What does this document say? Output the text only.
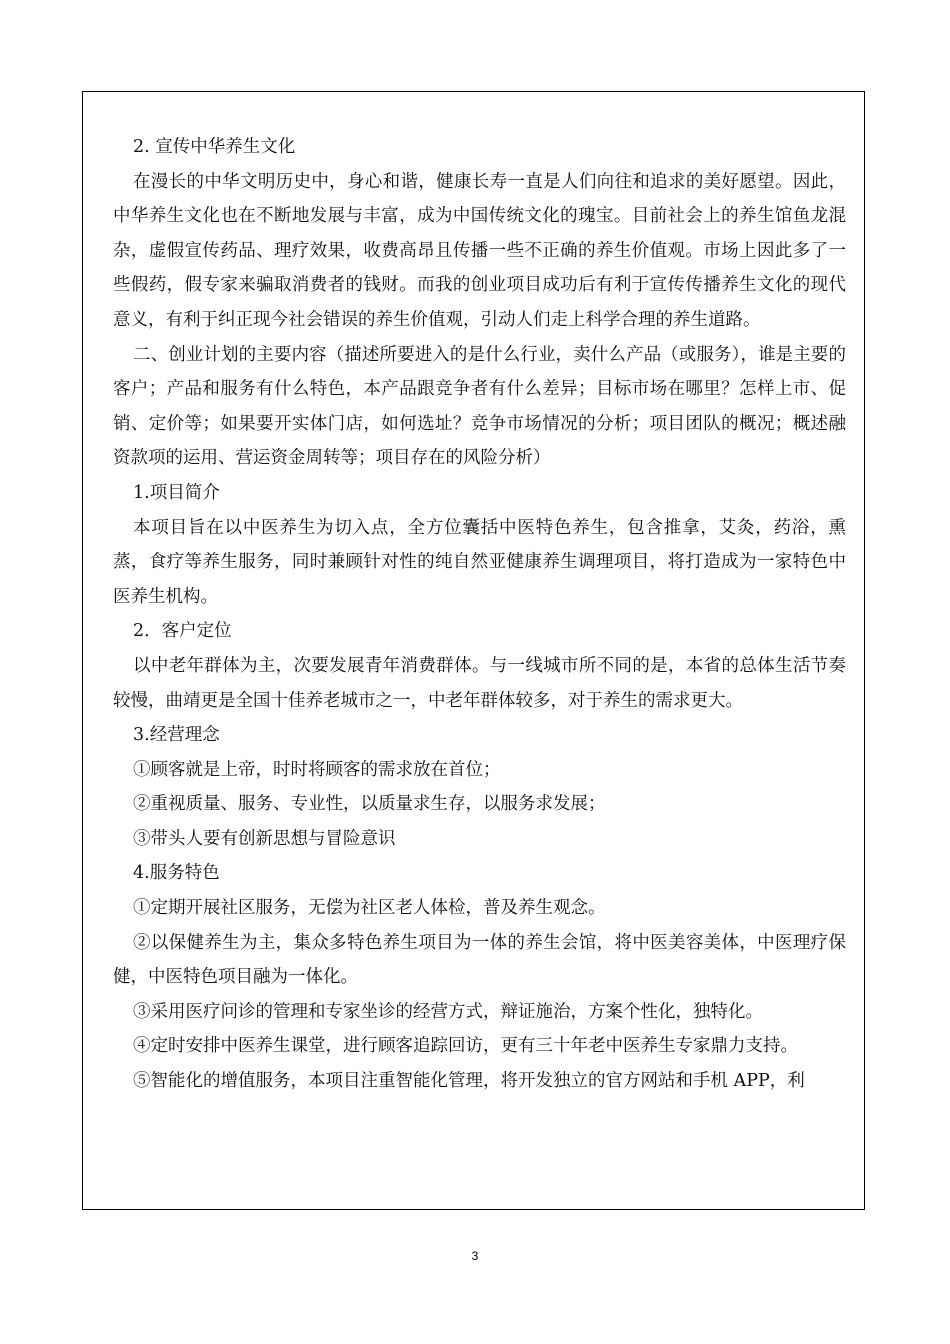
2. 宣传中华养生文化

在漫长的中华文明历史中，身心和谐，健康长寿一直是人们向往和追求的美好愿望。因此，中华养生文化也在不断地发展与丰富，成为中国传统文化的瑰宝。目前社会上的养生馆鱼龙混杂，虚假宣传药品、理疗效果，收费高昂且传播一些不正确的养生价值观。市场上因此多了一些假药，假专家来骗取消费者的钱财。而我的创业项目成功后有利于宣传传播养生文化的现代意义，有利于纠正现今社会错误的养生价值观，引动人们走上科学合理的养生道路。

二、创业计划的主要内容（描述所要进入的是什么行业，卖什么产品（或服务），谁是主要的客户；产品和服务有什么特色，本产品跟竞争者有什么差异；目标市场在哪里？怎样上市、促销、定价等；如果要开实体门店，如何选址？竞争市场情况的分析；项目团队的概况；概述融资款项的运用、营运资金周转等；项目存在的风险分析）

1.项目简介

本项目旨在以中医养生为切入点，全方位囊括中医特色养生，包含推拿，艾灸，药浴，熏蒸，食疗等养生服务，同时兼顾针对性的纯自然亚健康养生调理项目，将打造成为一家特色中医养生机构。

2．客户定位

以中老年群体为主，次要发展青年消费群体。与一线城市所不同的是，本省的总体生活节奏较慢，曲靖更是全国十佳养老城市之一，中老年群体较多，对于养生的需求更大。

3.经营理念

①顾客就是上帝，时时将顾客的需求放在首位；

②重视质量、服务、专业性，以质量求生存，以服务求发展；

③带头人要有创新思想与冒险意识

4.服务特色

①定期开展社区服务，无偿为社区老人体检，普及养生观念。

②以保健养生为主，集众多特色养生项目为一体的养生会馆，将中医美容美体，中医理疗保健，中医特色项目融为一体化。

③采用医疗问诊的管理和专家坐诊的经营方式，辩证施治，方案个性化，独特化。

④定时安排中医养生课堂，进行顾客追踪回访，更有三十年老中医养生专家鼎力支持。

⑤智能化的增值服务，本项目注重智能化管理，将开发独立的官方网站和手机 APP，利

3
